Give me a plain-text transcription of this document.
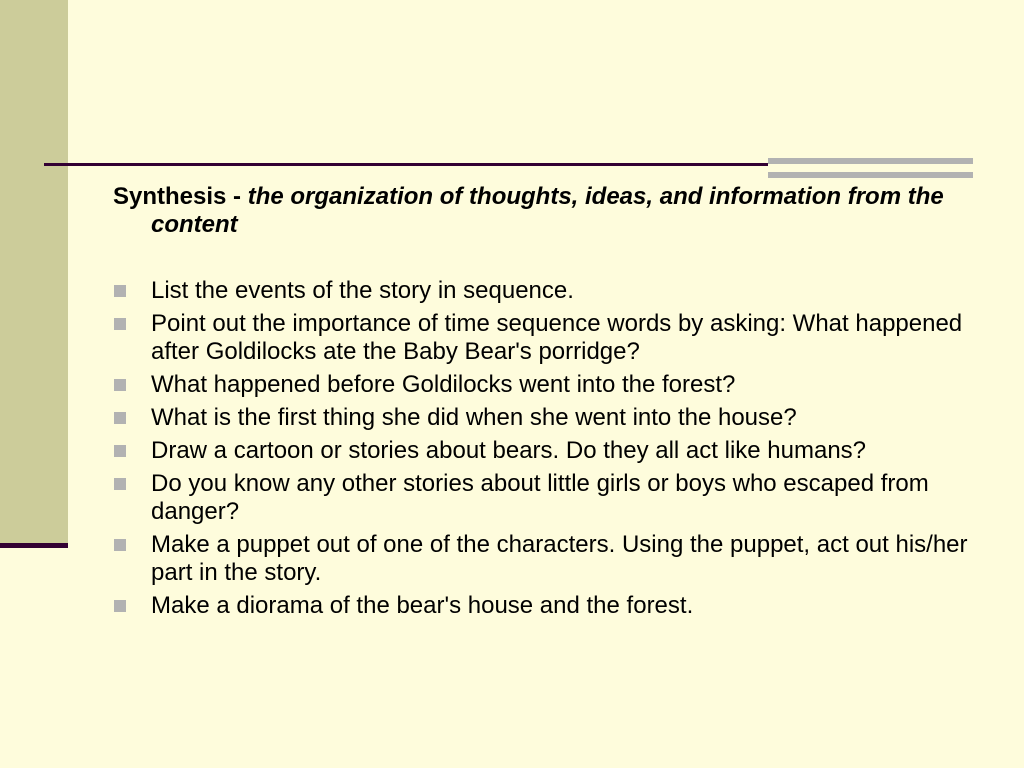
Synthesis - the organization of thoughts, ideas, and information from the content

List the events of the story in sequence.
Point out the importance of time sequence words by asking: What happened after Goldilocks ate the Baby Bear's porridge?
What happened before Goldilocks went into the forest?
What is the first thing she did when she went into the house?
Draw a cartoon or stories about bears. Do they all act like humans?
Do you know any other stories about little girls or boys who escaped from danger?
Make a puppet out of one of the characters. Using the puppet, act out his/her part in the story.
Make a diorama of the bear's house and the forest.
